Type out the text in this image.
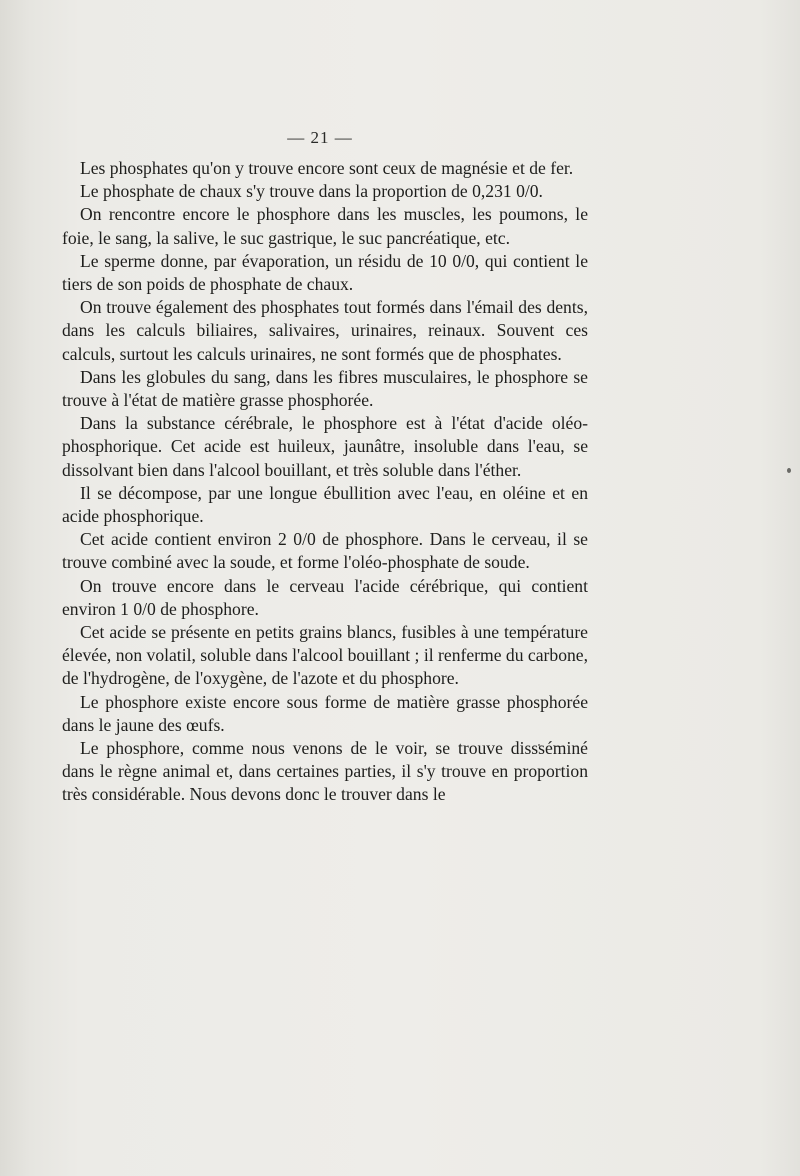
— 21 —

Les phosphates qu'on y trouve encore sont ceux de magnésie et de fer.

Le phosphate de chaux s'y trouve dans la proportion de 0,231 0/0.

On rencontre encore le phosphore dans les muscles, les poumons, le foie, le sang, la salive, le suc gastrique, le suc pancréatique, etc.

Le sperme donne, par évaporation, un résidu de 10 0/0, qui contient le tiers de son poids de phosphate de chaux.

On trouve également des phosphates tout formés dans l'émail des dents, dans les calculs biliaires, salivaires, urinaires, reinaux. Souvent ces calculs, surtout les calculs urinaires, ne sont formés que de phosphates.

Dans les globules du sang, dans les fibres musculaires, le phosphore se trouve à l'état de matière grasse phosphorée.

Dans la substance cérébrale, le phosphore est à l'état d'acide oléo-phosphorique. Cet acide est huileux, jaunâtre, insoluble dans l'eau, se dissolvant bien dans l'alcool bouillant, et très soluble dans l'éther.

Il se décompose, par une longue ébullition avec l'eau, en oléine et en acide phosphorique.

Cet acide contient environ 2 0/0 de phosphore. Dans le cerveau, il se trouve combiné avec la soude, et forme l'oléo-phosphate de soude.

On trouve encore dans le cerveau l'acide cérébrique, qui contient environ 1 0/0 de phosphore.

Cet acide se présente en petits grains blancs, fusibles à une température élevée, non volatil, soluble dans l'alcool bouillant ; il renferme du carbone, de l'hydrogène, de l'oxygène, de l'azote et du phosphore.

Le phosphore existe encore sous forme de matière grasse phosphorée dans le jaune des œufs.

Le phosphore, comme nous venons de le voir, se trouve dissséminé dans le règne animal et, dans certaines parties, il s'y trouve en proportion très considérable. Nous devons donc le trouver dans le
